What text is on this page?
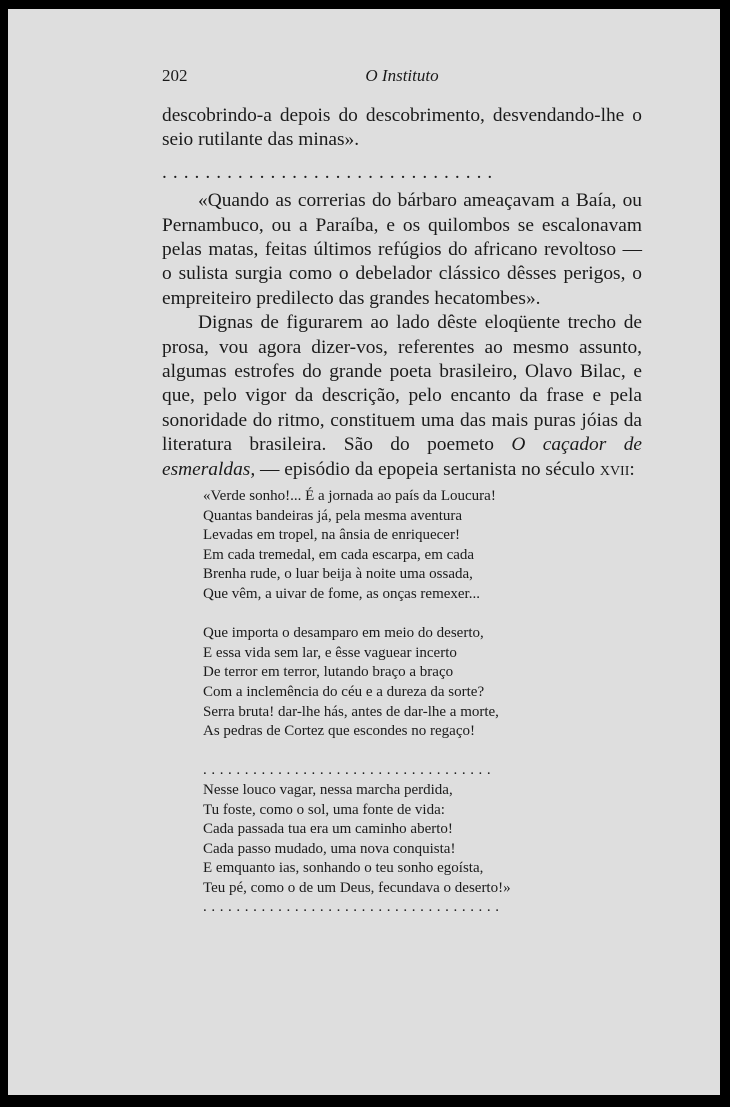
202	O Instituto

descobrindo-a depois do descobrimento, desvendando-lhe o seio rutilante das minas».

...............................

«Quando as correrias do bárbaro ameaçavam a Baía, ou Pernambuco, ou a Paraíba, e os quilombos se escalonavam pelas matas, feitas últimos refúgios do africano revoltoso — o sulista surgia como o debelador clássico dêsses perigos, o empreiteiro predilecto das grandes hecatombes».

Dignas de figurarem ao lado dêste eloqüente trecho de prosa, vou agora dizer-vos, referentes ao mesmo assunto, algumas estrofes do grande poeta brasileiro, Olavo Bilac, e que, pelo vigor da descrição, pelo encanto da frase e pela sonoridade do ritmo, constituem uma das mais puras jóias da literatura brasileira. São do poemeto O caçador de esmeraldas, — episódio da epopeia sertanista no século xvii:

«Verde sonho!... É a jornada ao país da Loucura!
Quantas bandeiras já, pela mesma aventura
Levadas em tropel, na ânsia de enriquecer!
Em cada tremedal, em cada escarpa, em cada
Brenha rude, o luar beija à noite uma ossada,
Que vêm, a uivar de fome, as onças remexer...
Que importa o desamparo em meio do deserto,
E essa vida sem lar, e êsse vaguear incerto
De terror em terror, lutando braço a braço
Com a inclemência do céu e a dureza da sorte?
Serra bruta! dar-lhe hás, antes de dar-lhe a morte,
As pedras de Cortez que escondes no regaço!
...................................
Nesse louco vagar, nessa marcha perdida,
Tu foste, como o sol, uma fonte de vida:
Cada passada tua era um caminho aberto!
Cada passo mudado, uma nova conquista!
E emquanto ias, sonhando o teu sonho egoísta,
Teu pé, como o de um Deus, fecundava o deserto!»
....................................
